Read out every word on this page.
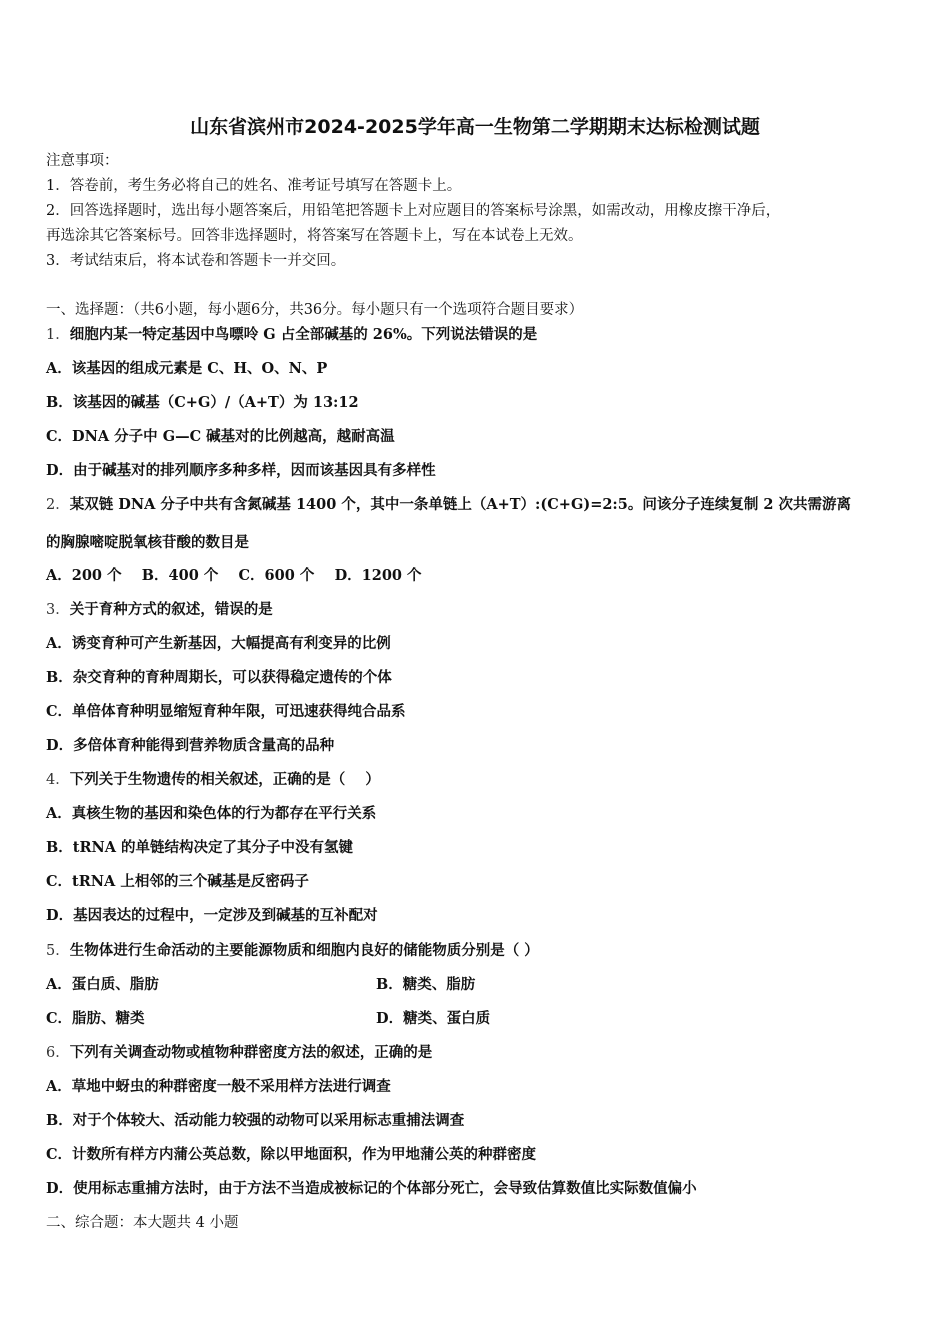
山东省滨州市2024-2025学年高一生物第二学期期末达标检测试题
注意事项：
1．答卷前，考生务必将自己的姓名、准考证号填写在答题卡上。
2．回答选择题时，选出每小题答案后，用铅笔把答题卡上对应题目的答案标号涂黑，如需改动，用橡皮擦干净后，
再选涂其它答案标号。回答非选择题时，将答案写在答题卡上，写在本试卷上无效。
3．考试结束后，将本试卷和答题卡一并交回。
一、选择题：（共6小题，每小题6分，共36分。每小题只有一个选项符合题目要求）
1．细胞内某一特定基因中鸟嘌呤 G 占全部碱基的 26%。下列说法错误的是
A．该基因的组成元素是 C、H、O、N、P
B．该基因的碱基（C+G）/（A+T）为 13:12
C．DNA 分子中 G—C 碱基对的比例越高，越耐高温
D．由于碱基对的排列顺序多种多样，因而该基因具有多样性
2．某双链 DNA 分子中共有含氮碱基 1400 个，其中一条单链上（A+T）:(C+G)=2:5。问该分子连续复制 2 次共需游离
的胸腺嘧啶脱氧核苷酸的数目是
A．200 个    B．400 个    C．600 个    D．1200 个
3．关于育种方式的叙述，错误的是
A．诱变育种可产生新基因，大幅提高有利变异的比例
B．杂交育种的育种周期长，可以获得稳定遗传的个体
C．单倍体育种明显缩短育种年限，可迅速获得纯合品系
D．多倍体育种能得到营养物质含量高的品种
4．下列关于生物遗传的相关叙述，正确的是（    ）
A．真核生物的基因和染色体的行为都存在平行关系
B．tRNA 的单链结构决定了其分子中没有氢键
C．tRNA 上相邻的三个碱基是反密码子
D．基因表达的过程中，一定涉及到碱基的互补配对
5．生物体进行生命活动的主要能源物质和细胞内良好的储能物质分别是（ ）
A．蛋白质、脂肪	B．糖类、脂肪
C．脂肪、糖类	D．糖类、蛋白质
6．下列有关调查动物或植物种群密度方法的叙述，正确的是
A．草地中蚜虫的种群密度一般不采用样方法进行调查
B．对于个体较大、活动能力较强的动物可以采用标志重捕法调查
C．计数所有样方内蒲公英总数，除以甲地面积，作为甲地蒲公英的种群密度
D．使用标志重捕方法时，由于方法不当造成被标记的个体部分死亡，会导致估算数值比实际数值偏小
二、综合题：本大题共 4 小题
